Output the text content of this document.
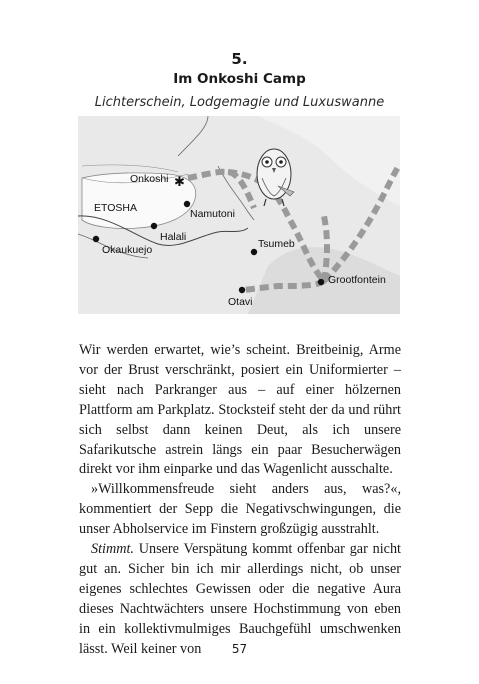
5.
Im Onkoshi Camp
Lichterschein, Lodgemagie und Luxuswanne
✱
Onkoshi
ETOSHA	Namutoni
Halali
Okaukuejo	Tsumeb
Grootfontein
Otavi

Wir werden erwartet, wie’s scheint. Breitbeinig, Arme vor der Brust verschränkt, posiert ein Uniformierter – sieht nach Parkranger aus – auf einer hölzernen Plattform am Parkplatz. Stocksteif steht der da und rührt sich selbst dann keinen Deut, als ich unsere Safarikutsche astrein längs ein paar Besucherwägen direkt vor ihm einparke und das Wagenlicht ausschalte.

»Willkommensfreude sieht anders aus, was?«, kommentiert der Sepp die Negativschwingungen, die unser Abholservice im Finstern großzügig ausstrahlt.

Stimmt. Unsere Verspätung kommt offenbar gar nicht gut an. Sicher bin ich mir allerdings nicht, ob unser eigenes schlechtes Gewissen oder die negative Aura dieses Nachtwächters unsere Hochstimmung von eben in ein kollektivmulmiges Bauchgefühl umschwenken lässt. Weil keiner von	57
